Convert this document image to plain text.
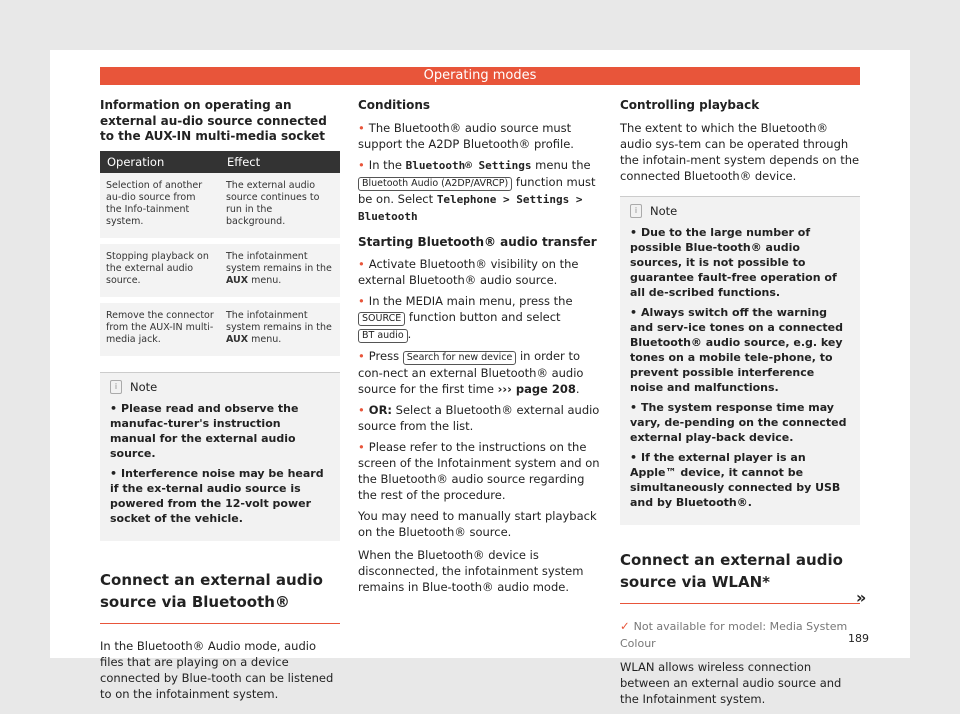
Operating modes
Information on operating an external au-dio source connected to the AUX-IN multi-media socket
Operation	Effect
Selection of another au-dio source from the Info-tainment system.	The external audio source continues to run in the background.
Stopping playback on the external audio source.	The infotainment system remains in the AUX menu.
Remove the connector from the AUX-IN multi-media jack.	The infotainment system remains in the AUX menu.
i	Note
• Please read and observe the manufac-turer's instruction manual for the external audio source.
• Interference noise may be heard if the ex-ternal audio source is powered from the 12-volt power socket of the vehicle.
Connect an external audio source via Bluetooth®

In the Bluetooth® Audio mode, audio files that are playing on a device connected by Blue-tooth can be listened to on the infotainment system.

Conditions

• The Bluetooth® audio source must support the A2DP Bluetooth® profile.

• In the Bluetooth® Settings menu the Bluetooth Audio (A2DP/AVRCP) function must be on. Select Telephone > Settings > Bluetooth

Starting Bluetooth® audio transfer

• Activate Bluetooth® visibility on the external Bluetooth® audio source.

• In the MEDIA main menu, press the SOURCE function button and select BT audio .

• Press Search for new device in order to con-nect an external Bluetooth® audio source for the first time ››› page 208.

• OR: Select a Bluetooth® external audio source from the list.

• Please refer to the instructions on the screen of the Infotainment system and on the Bluetooth® audio source regarding the rest of the procedure.

You may need to manually start playback on the Bluetooth® source.

When the Bluetooth® device is disconnected, the infotainment system remains in Blue-tooth® audio mode.

Controlling playback

The extent to which the Bluetooth® audio sys-tem can be operated through the infotain-ment system depends on the connected Bluetooth® device.

i	Note
• Due to the large number of possible Blue-tooth® audio sources, it is not possible to guarantee fault-free operation of all de-scribed functions.
• Always switch off the warning and serv-ice tones on a connected Bluetooth® audio source, e.g. key tones on a mobile tele-phone, to prevent possible interference noise and malfunctions.
• The system response time may vary, de-pending on the connected external play-back device.
• If the external player is an Apple™ device, it cannot be simultaneously connected by USB and by Bluetooth®.
Connect an external audio source via WLAN*

✓ Not available for model: Media System Colour

WLAN allows wireless connection between an external audio source and the Infotainment system.

»
189
